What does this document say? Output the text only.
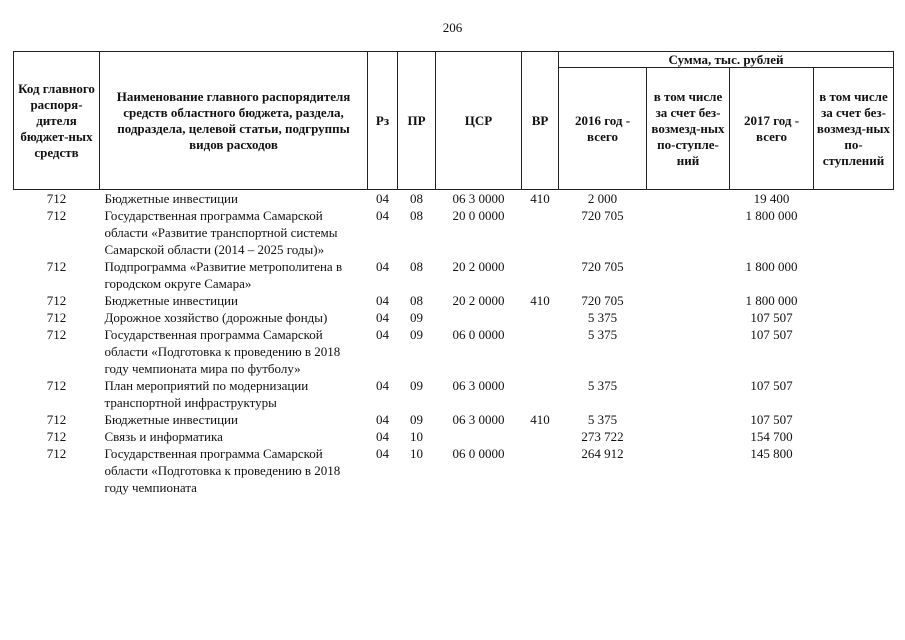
206
Код главного распоря-дителя бюджет-ных средств	Наименование главного распорядителя средств областного бюджета, раздела, подраздела, целевой статьи, подгруппы видов расходов	Рз	ПР	ЦСР	ВР	Сумма, тыс. рублей			
						2016 год - всего	в том числе за счет без-возмезд-ных по-ступле-ний	2017 год - всего	в том числе за счет без-возмезд-ных по-ступлений
712	Бюджетные инвестиции	04	08	06 3 0000	410	2 000		19 400	
712	Государственная программа Самарской области «Развитие транспортной системы Самарской области (2014 – 2025 годы)»	04	08	20 0 0000		720 705		1 800 000	
712	Подпрограмма «Развитие метрополитена в городском округе Самара»	04	08	20 2 0000		720 705		1 800 000	
712	Бюджетные инвестиции	04	08	20 2 0000	410	720 705		1 800 000	
712	Дорожное хозяйство (дорожные фонды)	04	09			5 375		107 507	
712	Государственная программа Самарской области «Подготовка к проведению в 2018 году чемпионата мира по футболу»	04	09	06 0 0000		5 375		107 507	
712	План мероприятий по модернизации транспортной инфраструктуры	04	09	06 3 0000		5 375		107 507	
712	Бюджетные инвестиции	04	09	06 3 0000	410	5 375		107 507	
712	Связь и информатика	04	10			273 722		154 700	
712	Государственная программа Самарской области «Подготовка к проведению в 2018 году чемпионата	04	10	06 0 0000		264 912		145 800	
